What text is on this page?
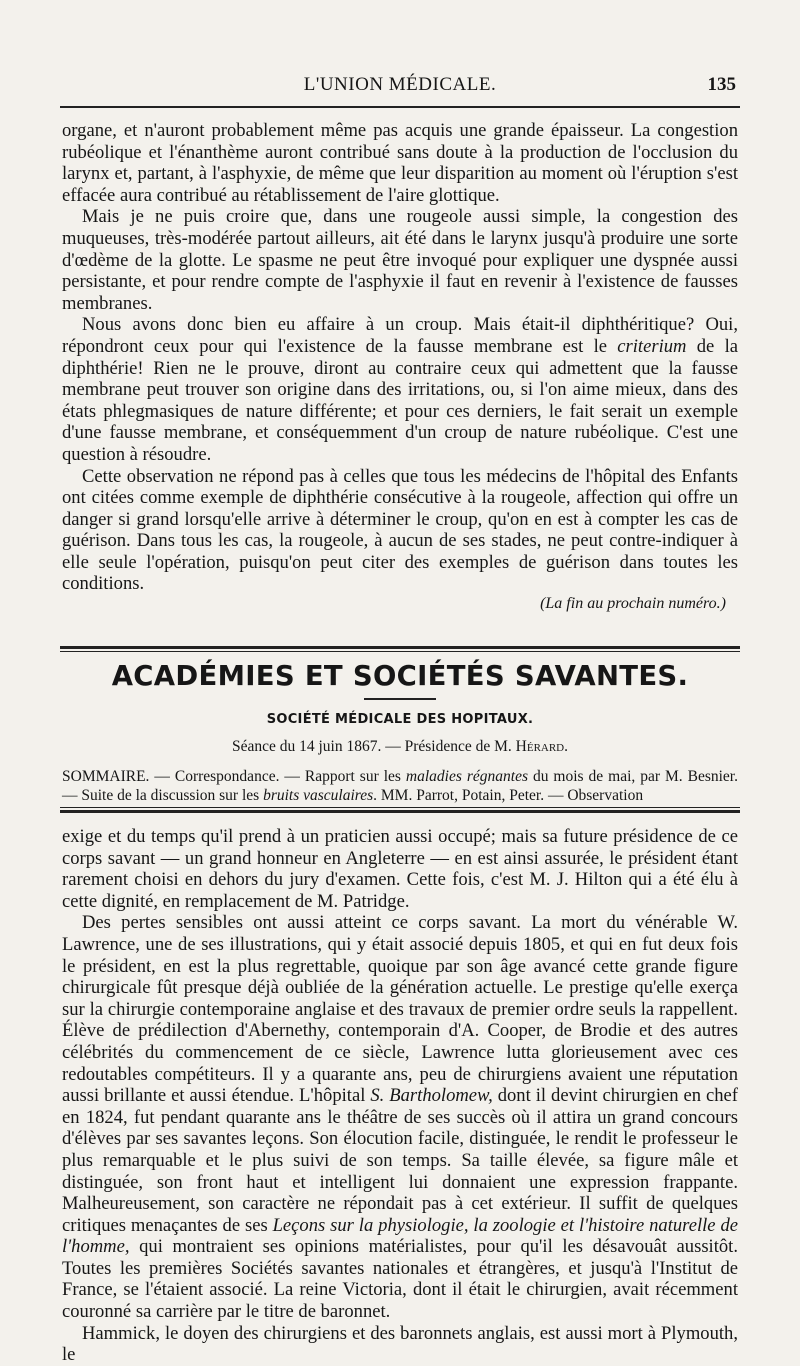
L'UNION MÉDICALE.	135

organe, et n'auront probablement même pas acquis une grande épaisseur. La congestion rubéolique et l'énanthème auront contribué sans doute à la production de l'occlusion du larynx et, partant, à l'asphyxie, de même que leur disparition au moment où l'éruption s'est effacée aura contribué au rétablissement de l'aire glottique.

Mais je ne puis croire que, dans une rougeole aussi simple, la congestion des muqueuses, très-modérée partout ailleurs, ait été dans le larynx jusqu'à produire une sorte d'œdème de la glotte. Le spasme ne peut être invoqué pour expliquer une dyspnée aussi persistante, et pour rendre compte de l'asphyxie il faut en revenir à l'existence de fausses membranes.

Nous avons donc bien eu affaire à un croup. Mais était-il diphthéritique? Oui, répondront ceux pour qui l'existence de la fausse membrane est le criterium de la diphthérie! Rien ne le prouve, diront au contraire ceux qui admettent que la fausse membrane peut trouver son origine dans des irritations, ou, si l'on aime mieux, dans des états phlegmasiques de nature différente; et pour ces derniers, le fait serait un exemple d'une fausse membrane, et conséquemment d'un croup de nature rubéolique. C'est une question à résoudre.

Cette observation ne répond pas à celles que tous les médecins de l'hôpital des Enfants ont citées comme exemple de diphthérie consécutive à la rougeole, affection qui offre un danger si grand lorsqu'elle arrive à déterminer le croup, qu'on en est à compter les cas de guérison. Dans tous les cas, la rougeole, à aucun de ses stades, ne peut contre-indiquer à elle seule l'opération, puisqu'on peut citer des exemples de guérison dans toutes les conditions.

(La fin au prochain numéro.)
ACADÉMIES ET SOCIÉTÉS SAVANTES.
SOCIÉTÉ MÉDICALE DES HOPITAUX.
Séance du 14 juin 1867. — Présidence de M. Hérard.
SOMMAIRE. — Correspondance. — Rapport sur les maladies régnantes du mois de mai, par M. Besnier. — Suite de la discussion sur les bruits vasculaires. MM. Parrot, Potain, Peter. — Observation

exige et du temps qu'il prend à un praticien aussi occupé; mais sa future présidence de ce corps savant — un grand honneur en Angleterre — en est ainsi assurée, le président étant rarement choisi en dehors du jury d'examen. Cette fois, c'est M. J. Hilton qui a été élu à cette dignité, en remplacement de M. Patridge.

Des pertes sensibles ont aussi atteint ce corps savant. La mort du vénérable W. Lawrence, une de ses illustrations, qui y était associé depuis 1805, et qui en fut deux fois le président, en est la plus regrettable, quoique par son âge avancé cette grande figure chirurgicale fût presque déjà oubliée de la génération actuelle. Le prestige qu'elle exerça sur la chirurgie contemporaine anglaise et des travaux de premier ordre seuls la rappellent. Élève de prédilection d'Abernethy, contemporain d'A. Cooper, de Brodie et des autres célébrités du commencement de ce siècle, Lawrence lutta glorieusement avec ces redoutables compétiteurs. Il y a quarante ans, peu de chirurgiens avaient une réputation aussi brillante et aussi étendue. L'hôpital S. Bartholomew, dont il devint chirurgien en chef en 1824, fut pendant quarante ans le théâtre de ses succès où il attira un grand concours d'élèves par ses savantes leçons. Son élocution facile, distinguée, le rendit le professeur le plus remarquable et le plus suivi de son temps. Sa taille élevée, sa figure mâle et distinguée, son front haut et intelligent lui donnaient une expression frappante. Malheureusement, son caractère ne répondait pas à cet extérieur. Il suffit de quelques critiques menaçantes de ses Leçons sur la physiologie, la zoologie et l'histoire naturelle de l'homme, qui montraient ses opinions matérialistes, pour qu'il les désavouât aussitôt. Toutes les premières Sociétés savantes nationales et étrangères, et jusqu'à l'Institut de France, se l'étaient associé. La reine Victoria, dont il était le chirurgien, avait récemment couronné sa carrière par le titre de baronnet.

Hammick, le doyen des chirurgiens et des baronnets anglais, est aussi mort à Plymouth, le
